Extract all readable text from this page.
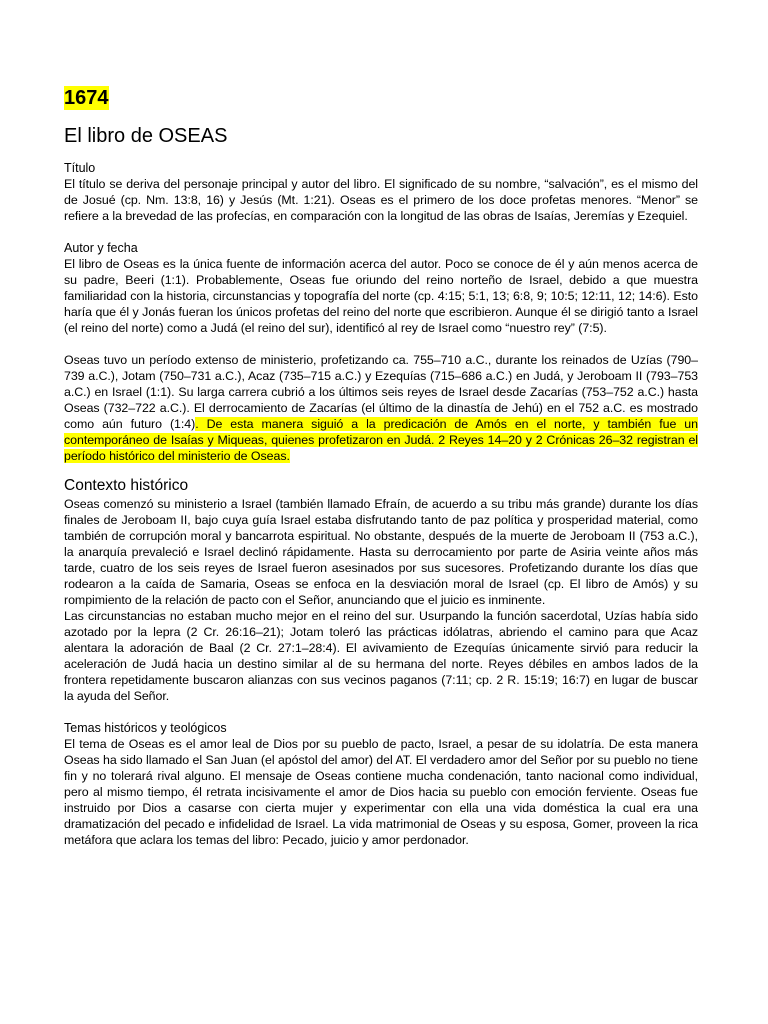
1674
El libro de OSEAS
Título

El título se deriva del personaje principal y autor del libro. El significado de su nombre, “salvación”, es el mismo del de Josué (cp. Nm. 13:8, 16) y Jesús (Mt. 1:21). Oseas es el primero de los doce profetas menores. “Menor” se refiere a la brevedad de las profecías, en comparación con la longitud de las obras de Isaías, Jeremías y Ezequiel.

Autor y fecha

El libro de Oseas es la única fuente de información acerca del autor. Poco se conoce de él y aún menos acerca de su padre, Beeri (1:1). Probablemente, Oseas fue oriundo del reino norteño de Israel, debido a que muestra familiaridad con la historia, circunstancias y topografía del norte (cp. 4:15; 5:1, 13; 6:8, 9; 10:5; 12:11, 12; 14:6). Esto haría que él y Jonás fueran los únicos profetas del reino del norte que escribieron. Aunque él se dirigió tanto a Israel (el reino del norte) como a Judá (el reino del sur), identificó al rey de Israel como “nuestro rey” (7:5).

Oseas tuvo un período extenso de ministerio, profetizando ca. 755–710 a.C., durante los reinados de Uzías (790–739 a.C.), Jotam (750–731 a.C.), Acaz (735–715 a.C.) y Ezequías (715–686 a.C.) en Judá, y Jeroboam II (793–753 a.C.) en Israel (1:1). Su larga carrera cubrió a los últimos seis reyes de Israel desde Zacarías (753–752 a.C.) hasta Oseas (732–722 a.C.). El derrocamiento de Zacarías (el último de la dinastía de Jehú) en el 752 a.C. es mostrado como aún futuro (1:4). De esta manera siguió a la predicación de Amós en el norte, y también fue un contemporáneo de Isaías y Miqueas, quienes profetizaron en Judá. 2 Reyes 14–20 y 2 Crónicas 26–32 registran el período histórico del ministerio de Oseas.

Contexto histórico

Oseas comenzó su ministerio a Israel (también llamado Efraín, de acuerdo a su tribu más grande) durante los días finales de Jeroboam II, bajo cuya guía Israel estaba disfrutando tanto de paz política y prosperidad material, como también de corrupción moral y bancarrota espiritual. No obstante, después de la muerte de Jeroboam II (753 a.C.), la anarquía prevaleció e Israel declinó rápidamente. Hasta su derrocamiento por parte de Asiria veinte años más tarde, cuatro de los seis reyes de Israel fueron asesinados por sus sucesores. Profetizando durante los días que rodearon a la caída de Samaria, Oseas se enfoca en la desviación moral de Israel (cp. El libro de Amós) y su rompimiento de la relación de pacto con el Señor, anunciando que el juicio es inminente.

Las circunstancias no estaban mucho mejor en el reino del sur. Usurpando la función sacerdotal, Uzías había sido azotado por la lepra (2 Cr. 26:16–21); Jotam toleró las prácticas idólatras, abriendo el camino para que Acaz alentara la adoración de Baal (2 Cr. 27:1–28:4). El avivamiento de Ezequías únicamente sirvió para reducir la aceleración de Judá hacia un destino similar al de su hermana del norte. Reyes débiles en ambos lados de la frontera repetidamente buscaron alianzas con sus vecinos paganos (7:11; cp. 2 R. 15:19; 16:7) en lugar de buscar la ayuda del Señor.

Temas históricos y teológicos

El tema de Oseas es el amor leal de Dios por su pueblo de pacto, Israel, a pesar de su idolatría. De esta manera Oseas ha sido llamado el San Juan (el apóstol del amor) del AT. El verdadero amor del Señor por su pueblo no tiene fin y no tolerará rival alguno. El mensaje de Oseas contiene mucha condenación, tanto nacional como individual, pero al mismo tiempo, él retrata incisivamente el amor de Dios hacia su pueblo con emoción ferviente. Oseas fue instruido por Dios a casarse con cierta mujer y experimentar con ella una vida doméstica la cual era una dramatización del pecado e infidelidad de Israel. La vida matrimonial de Oseas y su esposa, Gomer, proveen la rica metáfora que aclara los temas del libro: Pecado, juicio y amor perdonador.
